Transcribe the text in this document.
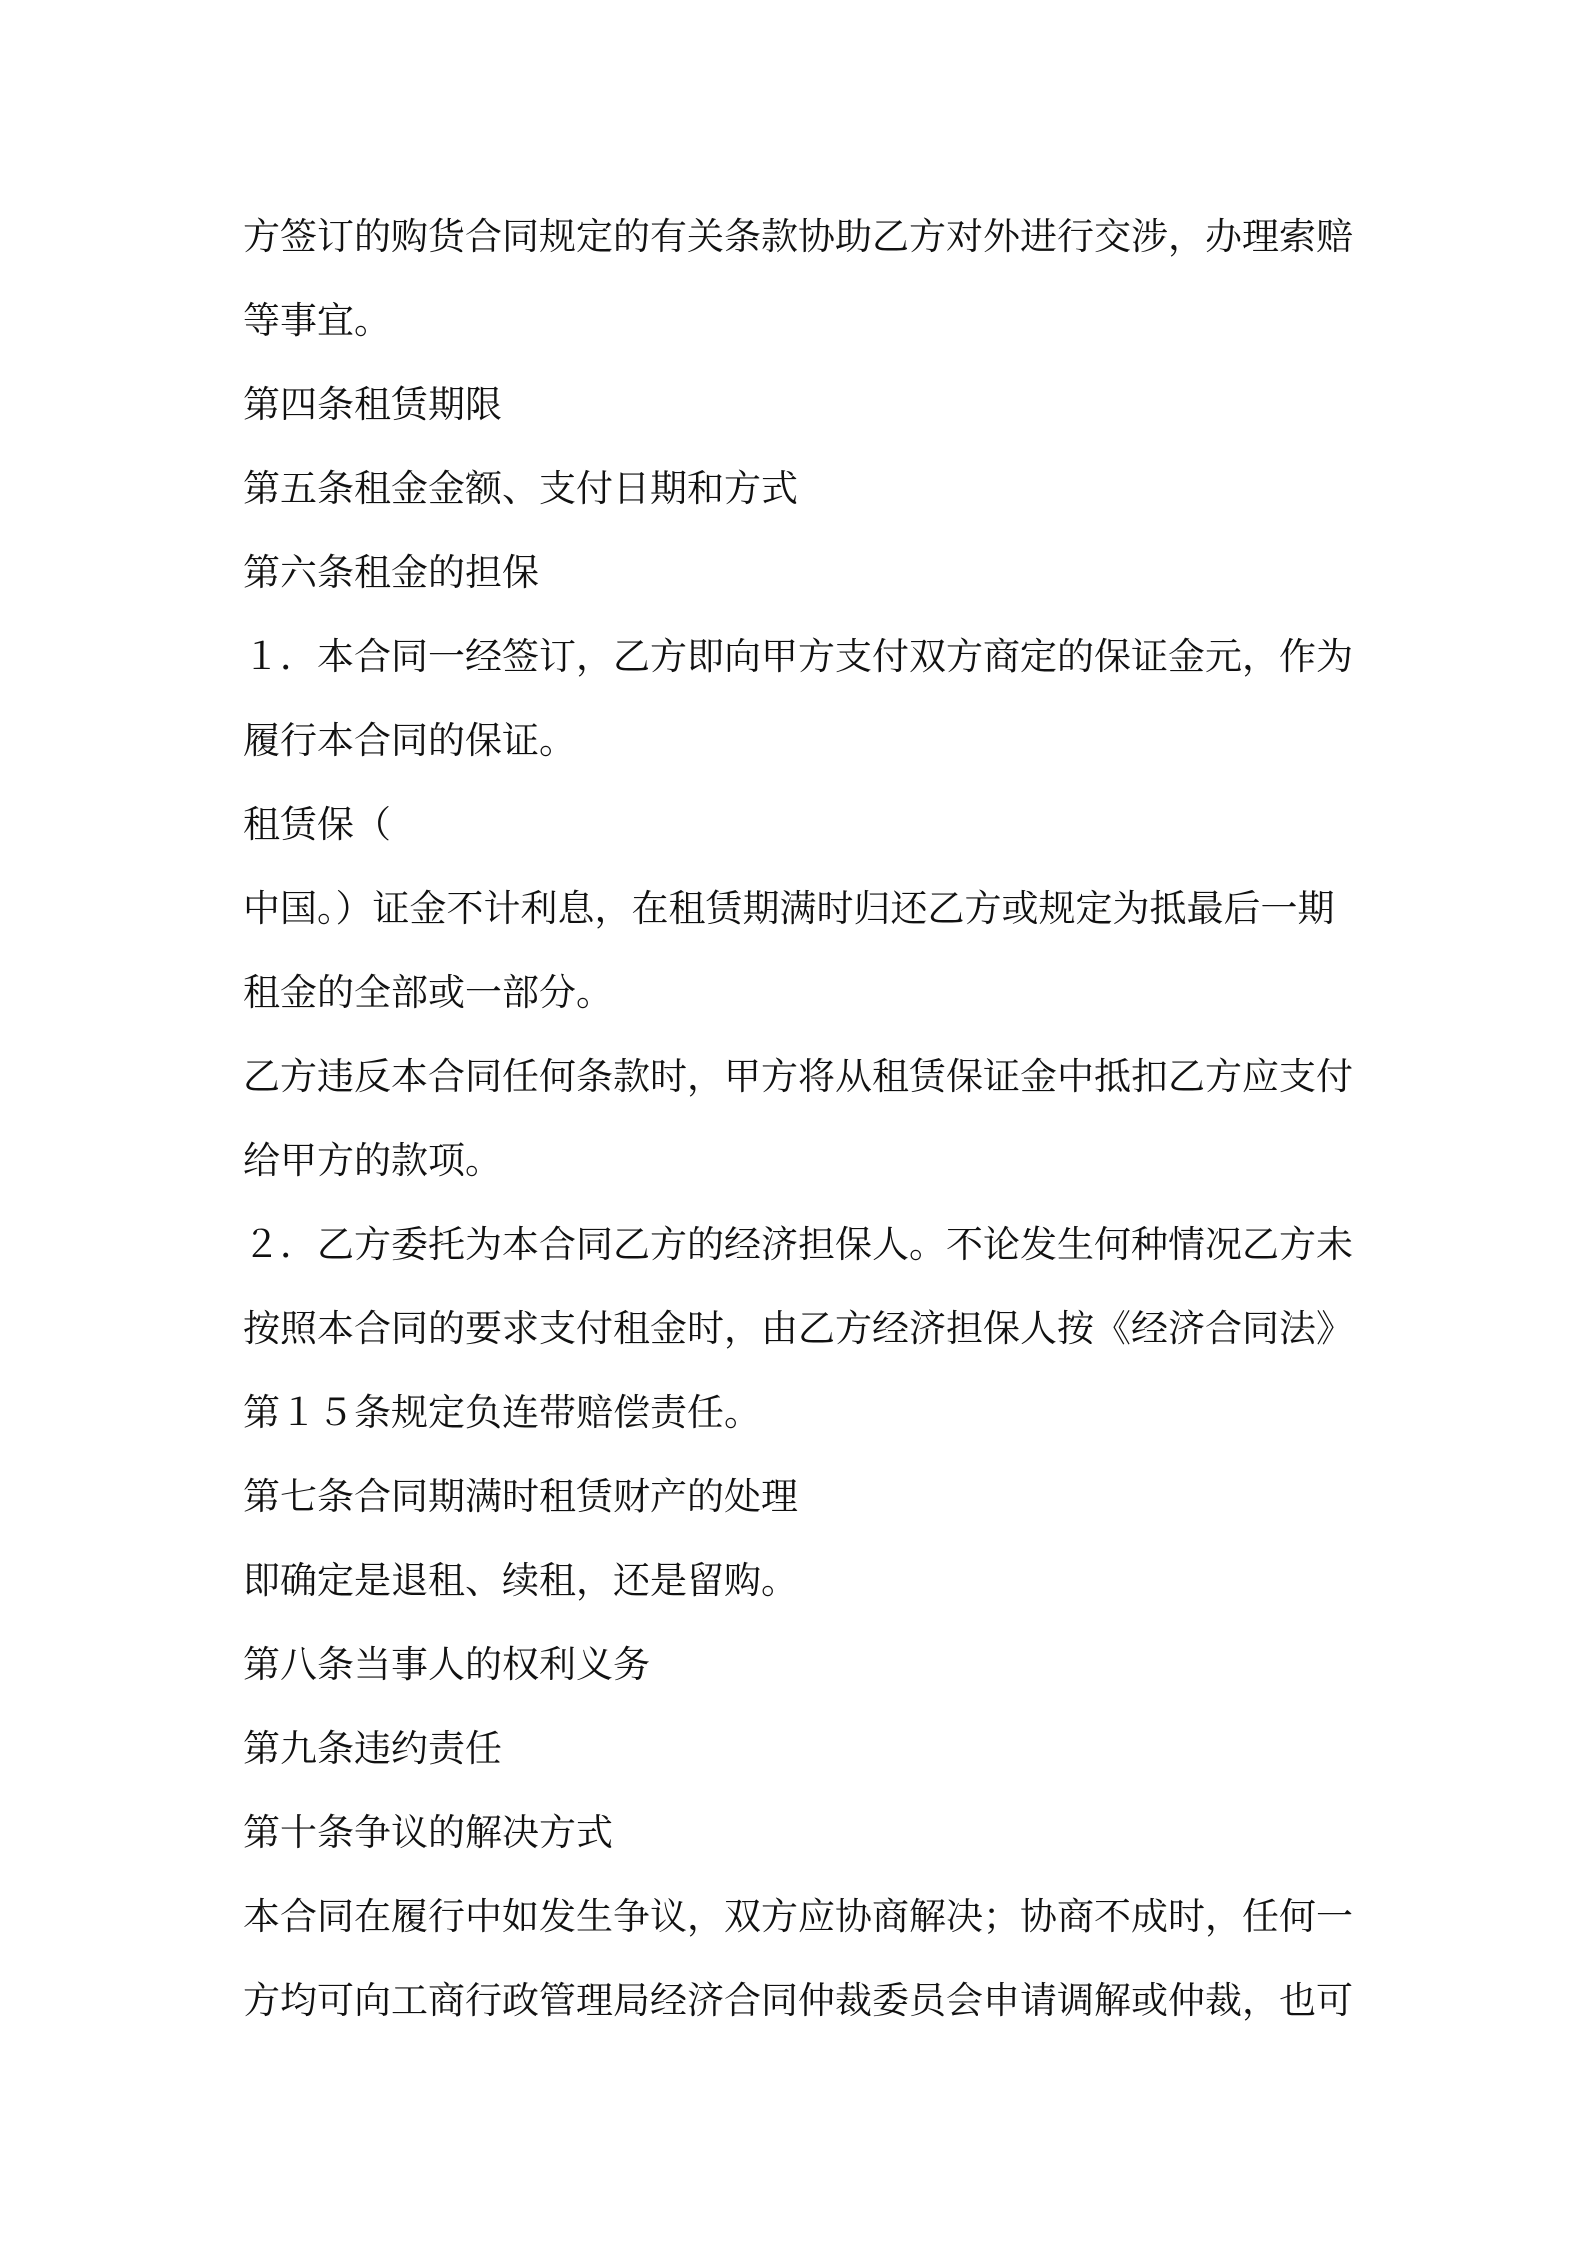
方签订的购货合同规定的有关条款协助乙方对外进行交涉，办理索赔
等事宜。
第四条租赁期限
第五条租金金额、支付日期和方式
第六条租金的担保
１．本合同一经签订，乙方即向甲方支付双方商定的保证金元，作为
履行本合同的保证。
租赁保（
中国。）证金不计利息，在租赁期满时归还乙方或规定为抵最后一期
租金的全部或一部分。
乙方违反本合同任何条款时，甲方将从租赁保证金中抵扣乙方应支付
给甲方的款项。
２．乙方委托为本合同乙方的经济担保人。不论发生何种情况乙方未
按照本合同的要求支付租金时，由乙方经济担保人按《经济合同法》
第１５条规定负连带赔偿责任。
第七条合同期满时租赁财产的处理
即确定是退租、续租，还是留购。
第八条当事人的权利义务
第九条违约责任
第十条争议的解决方式
本合同在履行中如发生争议，双方应协商解决；协商不成时，任何一
方均可向工商行政管理局经济合同仲裁委员会申请调解或仲裁，也可
